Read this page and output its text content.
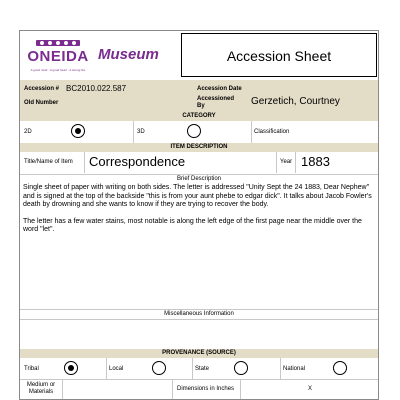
ONEIDA
A good mind · A good heart · A strong fire
Museum	Accession Sheet
Accession # BC2010.022.587	Accession Date
Old Number
Accessioned By	Gerzetich, Courtney
CATEGORY
2D	3D	Classification
ITEM DESCRIPTION
Title/Name of Item Correspondence	Year 1883
Brief Description
Single sheet of paper with writing on both sides. The letter is addressed "Unity Sept the 24 1883, Dear Nephew" and is signed at the top of the backside "this is from your aunt phebe to edgar dick". It talks about Jacob Fowler's death by drowning and she wants to know if they are trying to recover the body.
The letter has a few water stains, most notable is along the left edge of the first page near the middle over the word "let".
Miscellaneous Information
PROVENANCE (SOURCE)
Tribal	Local	State	National
Medium or Materials	Dimensions in Inches	X
